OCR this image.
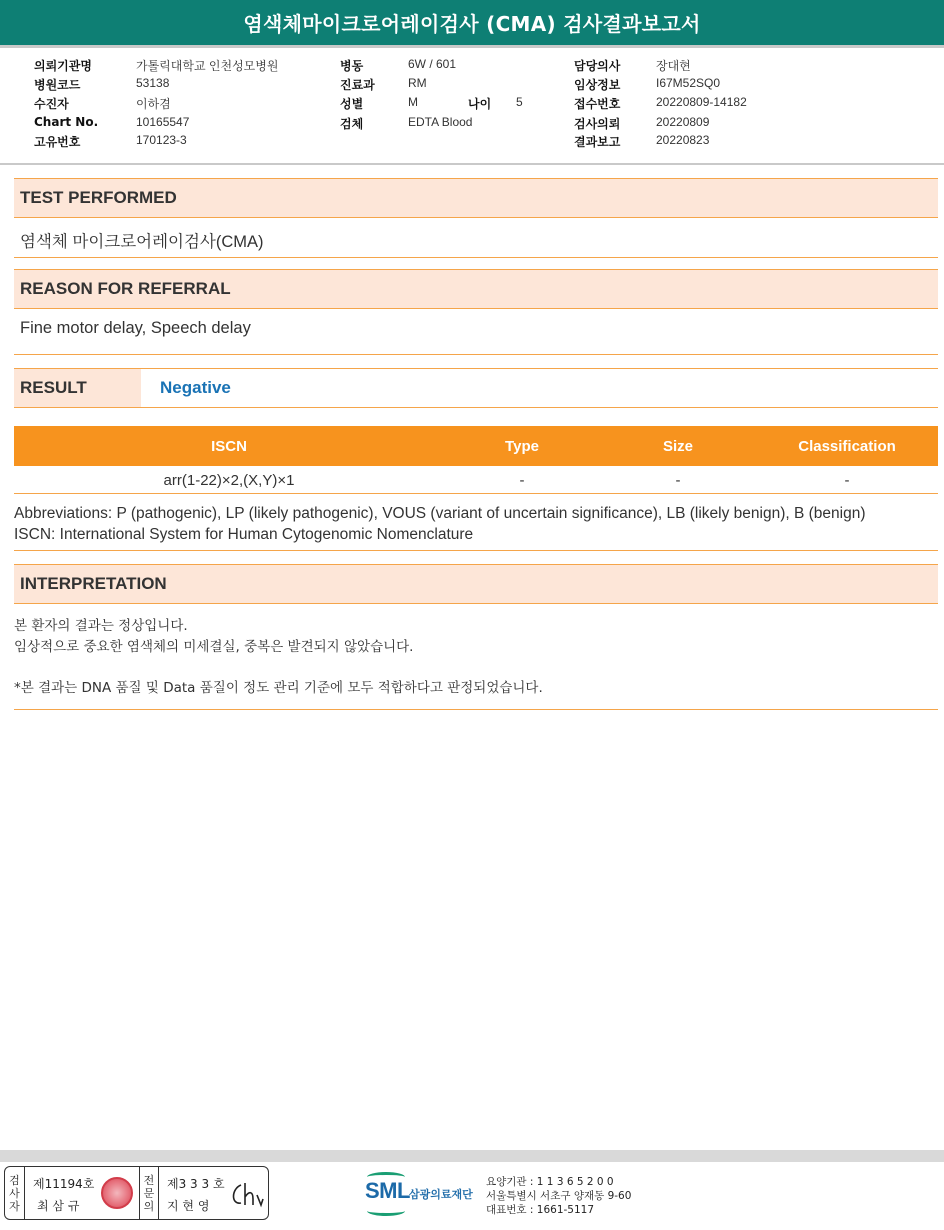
염색체마이크로어레이검사 (CMA) 검사결과보고서
의뢰기관명	가톨릭대학교 인천성모병원	병동	6W / 601	담당의사	장대현
병원코드	53138	진료과	RM	임상정보	I67M52SQ0
수진자	이하겸	성별	M	나이 5	접수번호	20220809-14182
Chart No.	10165547	검체	EDTA Blood	검사의뢰	20220809
고유번호	170123-3	결과보고	20220823
TEST PERFORMED
염색체 마이크로어레이검사(CMA)
REASON FOR REFERRAL
Fine motor delay, Speech delay
RESULT	Negative
ISCN	Type	Size	Classification
arr(1-22)×2,(X,Y)×1	-	-	-
Abbreviations: P (pathogenic), LP (likely pathogenic), VOUS (variant of uncertain significance), LB (likely benign), B (benign)
ISCN: International System for Human Cytogenomic Nomenclature
INTERPRETATION
본 환자의 결과는 정상입니다.
임상적으로 중요한 염색체의 미세결실, 중복은 발견되지 않았습니다.
*본 결과는 DNA 품질 및 Data 품질이 정도 관리 기준에 모두 적합하다고 판정되었습니다.
검
사
자
제11194호
최 삼 규
전
문
의
제3 3 3 호
지 현 영
SML 삼광의료재단
요양기관 : 1 1 3 6 5 2 0 0
서울특별시 서초구 양재동 9-60
대표번호 : 1661-5117
